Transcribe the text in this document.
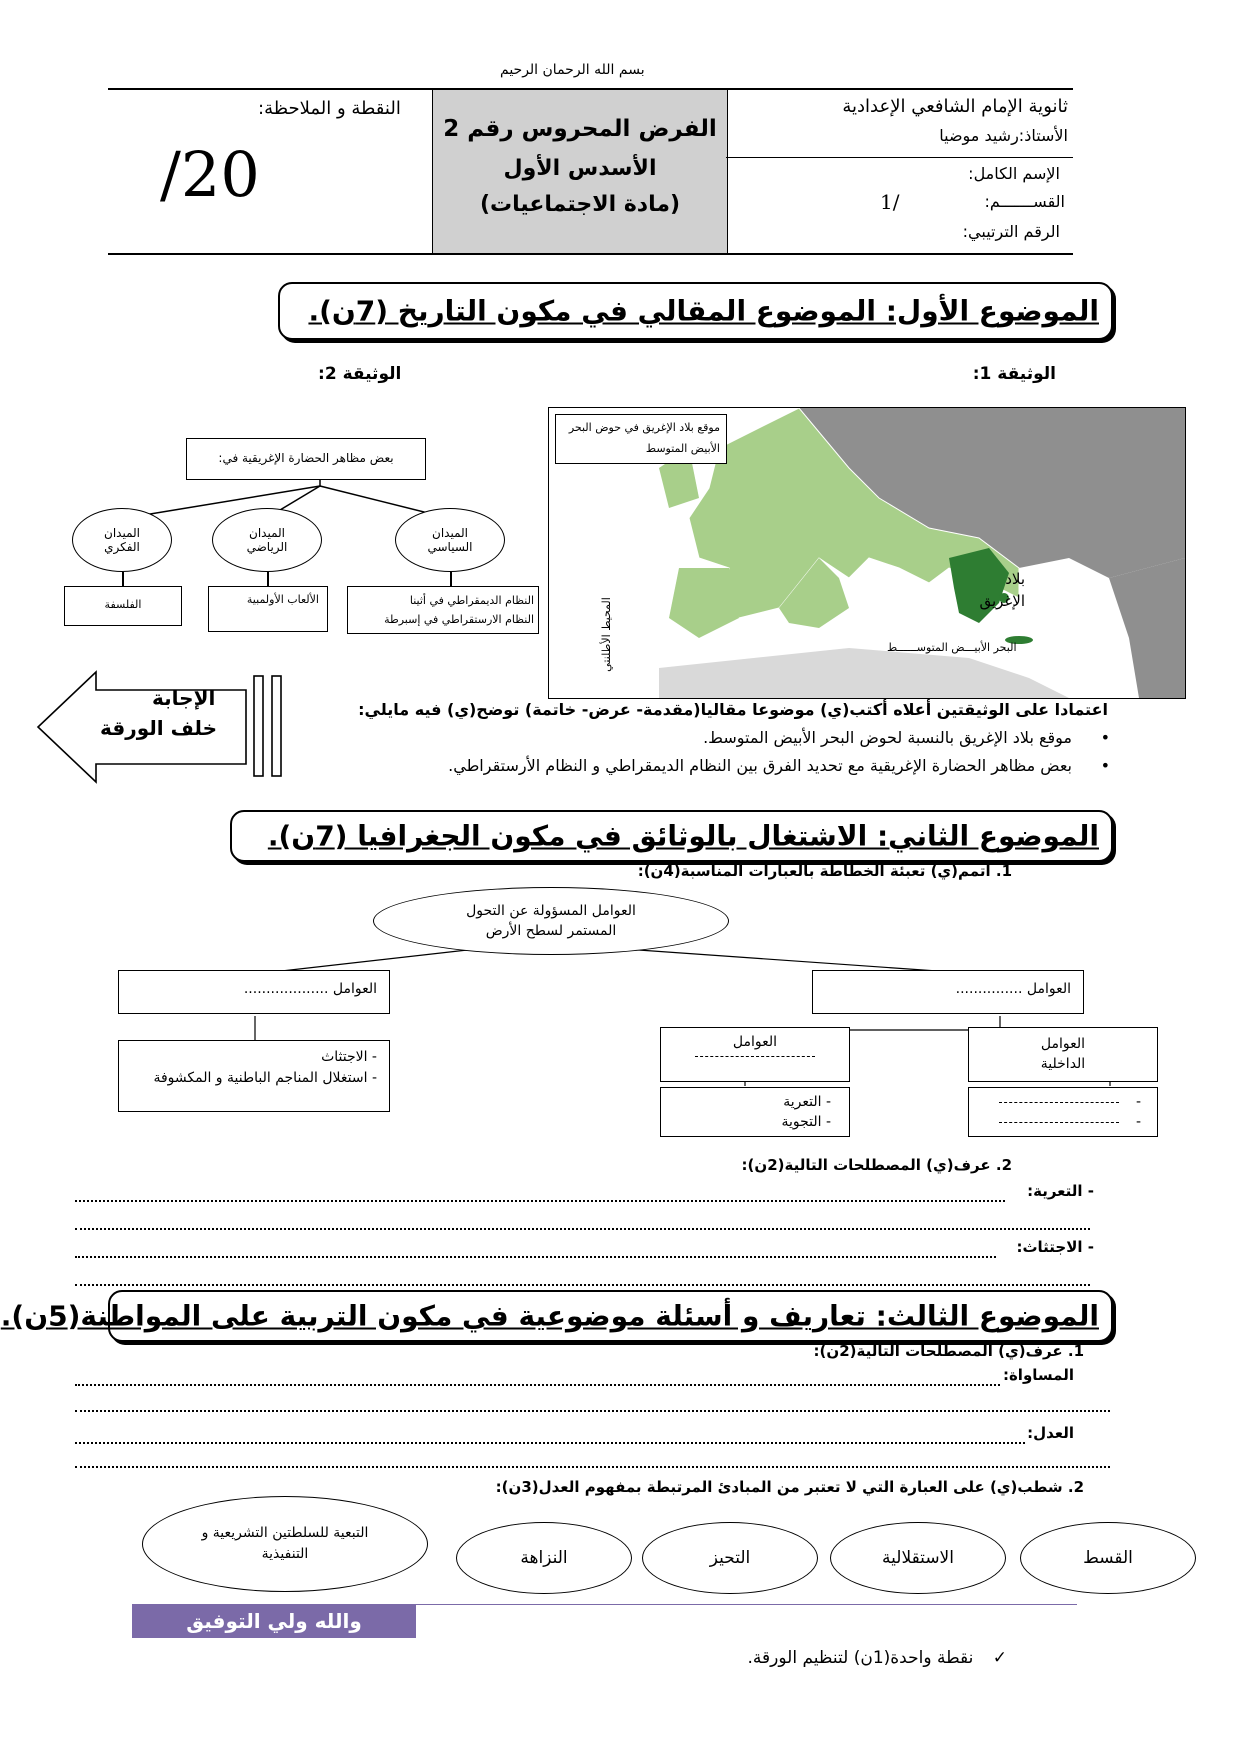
بسم الله الرحمان الرحيم
الفرض المحروس رقم 2
الأسدس الأول
(مادة الاجتماعيات)
النقطة و الملاحظة:
/20
ثانوية الإمام الشافعي الإعدادية
الأستاذ:رشيد موضيا
الإسم الكامل:
القســـــــم:
1/
الرقم الترتيبي:
الموضوع الأول: الموضوع المقالي في مكون التاريخ (7ن).
الوثيقة 1:
الوثيقة 2:
موقع بلاد الإغريق في حوض البحر الأبيض المتوسط
بلاد الإغريق
البحر الأبيـــض المتوســــــط
المحيط الأطلنتي
بعض مظاهر الحضارة الإغريقية في:
الميدان السياسي
الميدان الرياضي
الميدان الفكري
النظام الديمقراطي في أثينا
النظام الارستقراطي في إسبرطة
الألعاب الأولمبية
الفلسفة
الإجابة
خلف الورقة
اعتمادا على الوثيقتين أعلاه أكتب(ي) موضوعا مقاليا(مقدمة- عرض- خاتمة) توضح(ي) فيه مايلي:
•
موقع بلاد الإغريق بالنسبة لحوض البحر الأبيض المتوسط.
•
بعض مظاهر الحضارة الإغريقية مع تحديد الفرق بين النظام الديمقراطي و النظام الأرستقراطي.
الموضوع الثاني: الاشتغال بالوثائق في مكون الجغرافيا (7ن).
1. أتمم(ي) تعبئة الخطاطة بالعبارات المناسبة(4ن):
العوامل المسؤولة عن التحول المستمر لسطح الأرض
العوامل ...................
- الاجتثاث
- استغلال المناجم الباطنية و المكشوفة
العوامل ...............
العوامل
- التعرية
- التجوية
العوامل الداخلية
-
-
2. عرف(ي) المصطلحات التالية(2ن):
- التعرية:
- الاجتثاث:
الموضوع الثالث: تعاريف و أسئلة موضوعية في مكون التربية على المواطنة(5ن).
1. عرف(ي) المصطلحات التالية(2ن):
المساواة:
العدل:
2. شطب(ي) على العبارة التي لا تعتبر من المبادئ المرتبطة بمفهوم العدل(3ن):
القسط
الاستقلالية
التحيز
النزاهة
التبعية للسلطتين التشريعية و التنفيذية
والله ولي التوفيق
✓ نقطة واحدة(1ن) لتنظيم الورقة.
